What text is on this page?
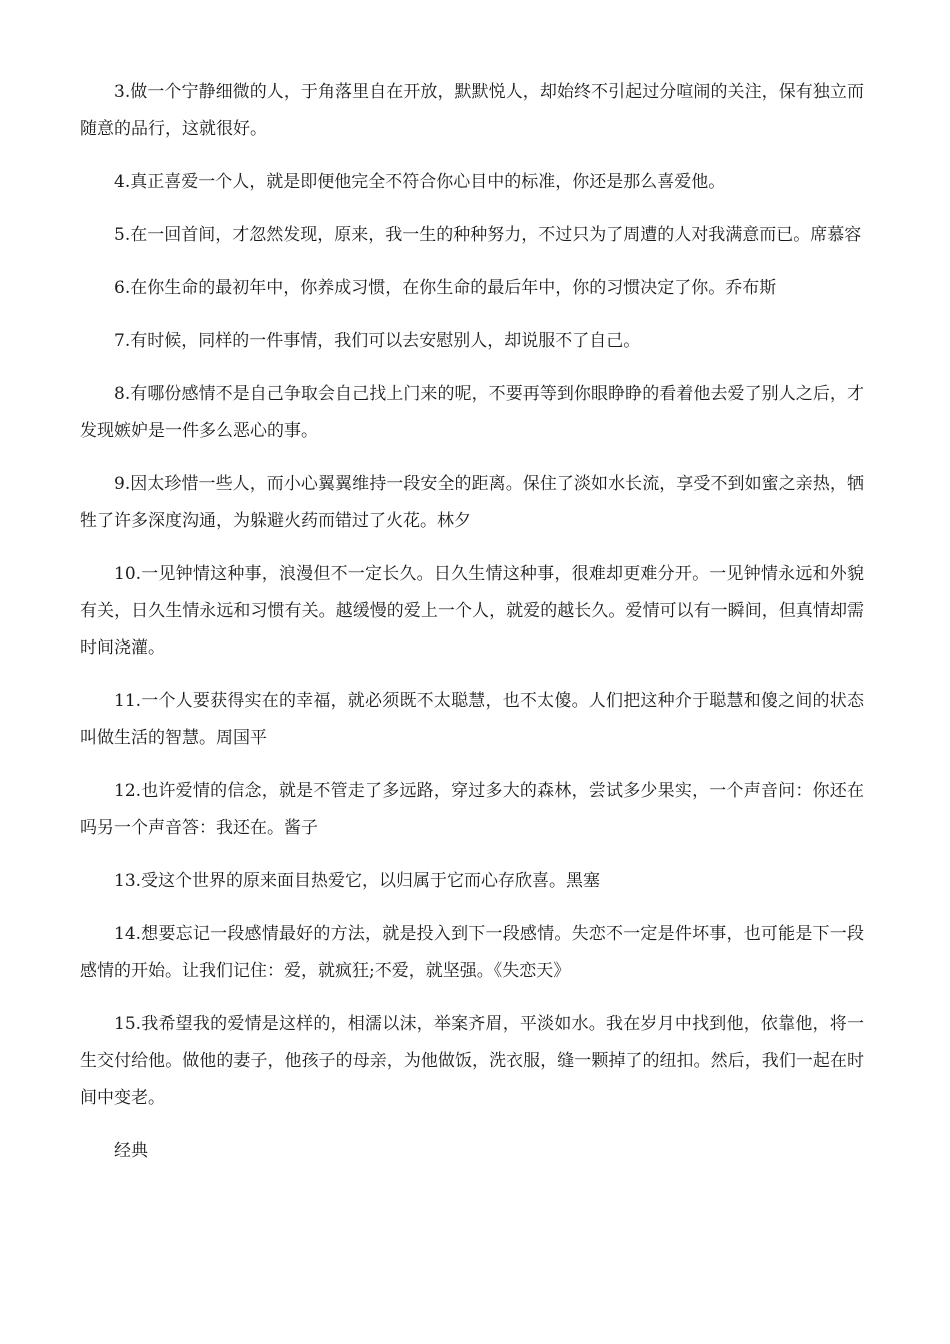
3.做一个宁静细微的人，于角落里自在开放，默默悦人，却始终不引起过分喧闹的关注，保有独立而随意的品行，这就很好。

4.真正喜爱一个人，就是即便他完全不符合你心目中的标准，你还是那么喜爱他。

5.在一回首间，才忽然发现，原来，我一生的种种努力，不过只为了周遭的人对我满意而已。席慕容

6.在你生命的最初年中，你养成习惯，在你生命的最后年中，你的习惯决定了你。乔布斯

7.有时候，同样的一件事情，我们可以去安慰别人，却说服不了自己。

8.有哪份感情不是自己争取会自己找上门来的呢，不要再等到你眼睁睁的看着他去爱了别人之后，才发现嫉妒是一件多么恶心的事。

9.因太珍惜一些人，而小心翼翼维持一段安全的距离。保住了淡如水长流，享受不到如蜜之亲热，牺牲了许多深度沟通，为躲避火药而错过了火花。林夕

10.一见钟情这种事，浪漫但不一定长久。日久生情这种事，很难却更难分开。一见钟情永远和外貌有关，日久生情永远和习惯有关。越缓慢的爱上一个人，就爱的越长久。爱情可以有一瞬间，但真情却需时间浇灌。

11.一个人要获得实在的幸福，就必须既不太聪慧，也不太傻。人们把这种介于聪慧和傻之间的状态叫做生活的智慧。周国平

12.也许爱情的信念，就是不管走了多远路，穿过多大的森林，尝试多少果实，一个声音问：你还在吗另一个声音答：我还在。酱子

13.受这个世界的原来面目热爱它，以归属于它而心存欣喜。黑塞

14.想要忘记一段感情最好的方法，就是投入到下一段感情。失恋不一定是件坏事，也可能是下一段感情的开始。让我们记住：爱，就疯狂;不爱，就坚强。《失恋天》

15.我希望我的爱情是这样的，相濡以沫，举案齐眉，平淡如水。我在岁月中找到他，依靠他，将一生交付给他。做他的妻子，他孩子的母亲，为他做饭，洗衣服，缝一颗掉了的纽扣。然后，我们一起在时间中变老。

经典
